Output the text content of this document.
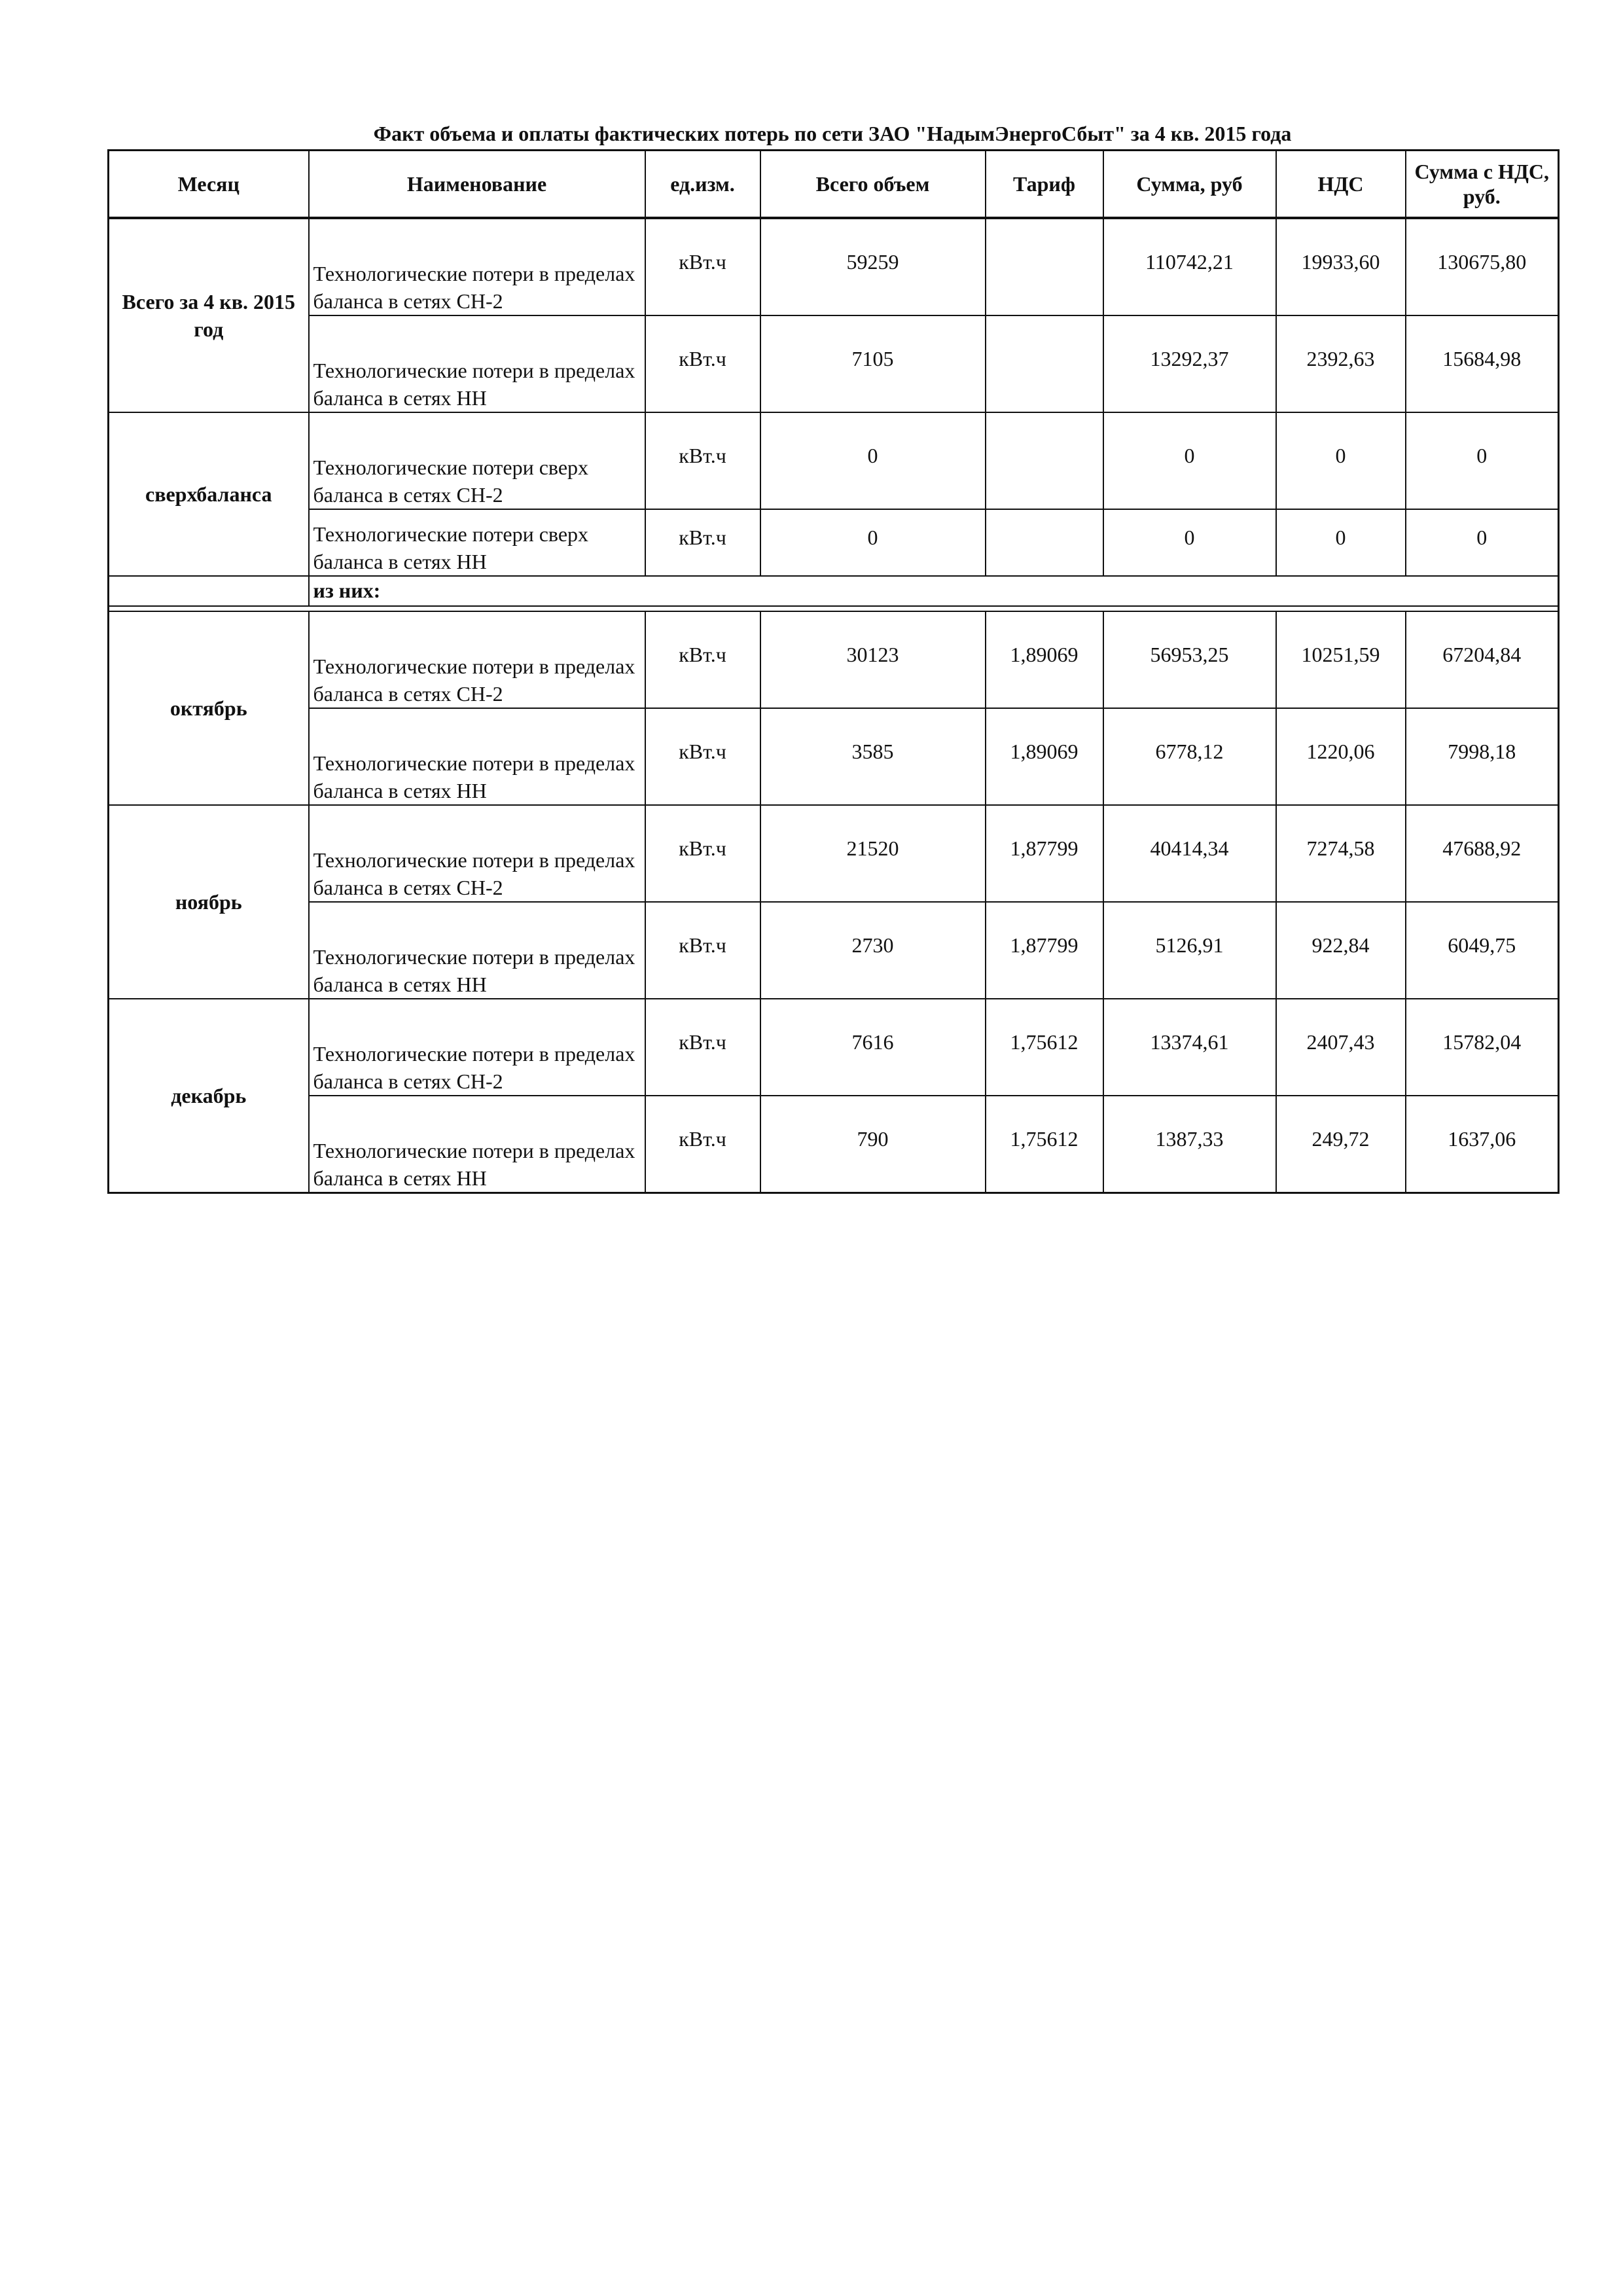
Факт объема и оплаты фактических потерь по сети ЗАО "НадымЭнергоСбыт" за 4 кв. 2015 года
Месяц	Наименование	ед.изм.	Всего объем	Тариф	Сумма, руб	НДС	Сумма с НДС, руб.
Всего за 4 кв. 2015 год	Технологические потери в пределах баланса в сетях СН-2	кВт.ч	59259		110742,21	19933,60	130675,80
	Технологические потери в пределах баланса в сетях НН	кВт.ч	7105		13292,37	2392,63	15684,98
сверхбаланса	Технологические потери сверх баланса в сетях СН-2	кВт.ч	0		0	0	0
	Технологические потери сверх баланса в сетях НН	кВт.ч	0		0	0	0
	из них:						

октябрь	Технологические потери в пределах баланса в сетях СН-2	кВт.ч	30123	1,89069	56953,25	10251,59	67204,84
	Технологические потери в пределах баланса в сетях НН	кВт.ч	3585	1,89069	6778,12	1220,06	7998,18
ноябрь	Технологические потери в пределах баланса в сетях СН-2	кВт.ч	21520	1,87799	40414,34	7274,58	47688,92
	Технологические потери в пределах баланса в сетях НН	кВт.ч	2730	1,87799	5126,91	922,84	6049,75
декабрь	Технологические потери в пределах баланса в сетях СН-2	кВт.ч	7616	1,75612	13374,61	2407,43	15782,04
	Технологические потери в пределах баланса в сетях НН	кВт.ч	790	1,75612	1387,33	249,72	1637,06
